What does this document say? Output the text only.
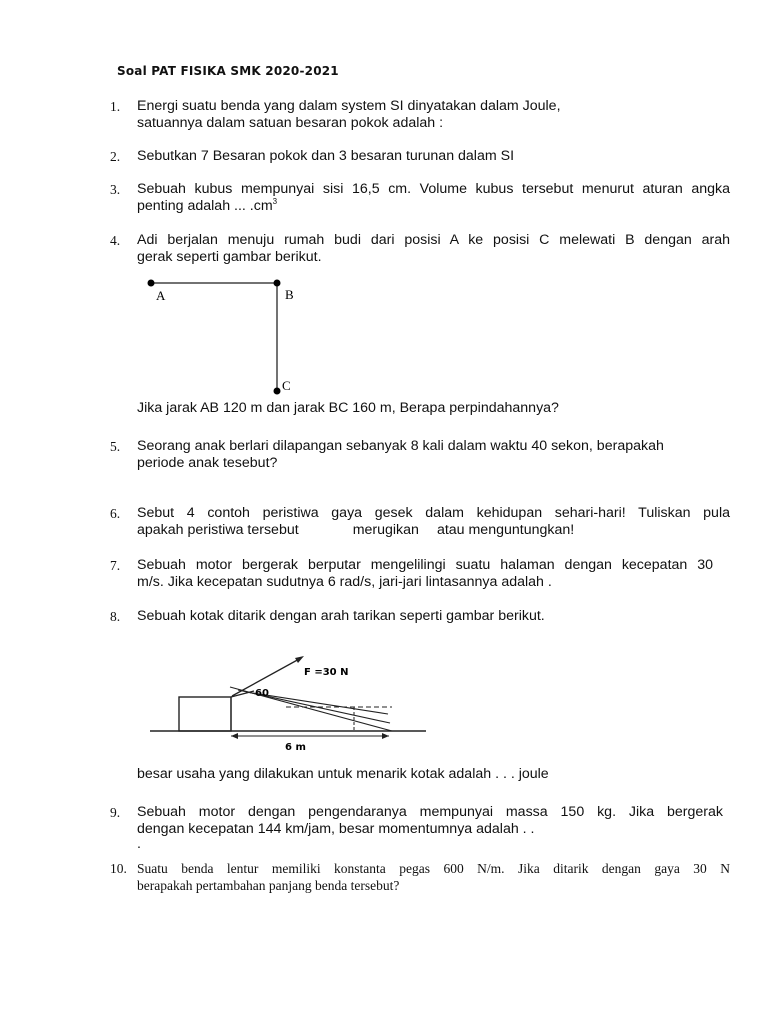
Soal PAT FISIKA SMK 2020-2021
1.	Energi suatu benda yang dalam system SI dinyatakan dalam Joule,
satuannya dalam satuan besaran pokok adalah :
2.	Sebutkan 7 Besaran pokok dan 3 besaran turunan dalam SI
3.	Sebuah kubus mempunyai sisi 16,5 cm. Volume kubus tersebut menurut aturan angka
penting adalah ... $.cm^3$
4.	Adi berjalan menuju rumah budi dari posisi A ke posisi C melewati B dengan arah
gerak seperti gambar berikut.
A	B
C
Jika jarak AB 120 m dan jarak BC 160 m, Berapa perpindahannya?
5.	Seorang anak berlari dilapangan sebanyak 8 kali dalam waktu 40 sekon, berapakah
periode anak tesebut?
6.	Sebut 4 contoh peristiwa gaya gesek dalam kehidupan sehari-hari! Tuliskan pula
apakah peristiwa tersebut	merugikan atau menguntungkan!
7.	Sebuah motor bergerak berputar mengelilingi suatu halaman dengan kecepatan 30
m/s. Jika kecepatan sudutnya 6 rad/s, jari-jari lintasannya adalah .
8.	Sebuah kotak ditarik dengan arah tarikan seperti gambar berikut.
F =30 N
60
6 m
besar usaha yang dilakukan untuk menarik kotak adalah . . . joule
9.	Sebuah motor dengan pengendaranya mempunyai massa 150 kg. Jika bergerak
dengan kecepatan 144 km/jam, besar momentumnya adalah . .
.
10. Suatu benda lentur memiliki konstanta pegas 600 N/m. Jika ditarik dengan gaya 30 N
berapakah pertambahan panjang benda tersebut?
